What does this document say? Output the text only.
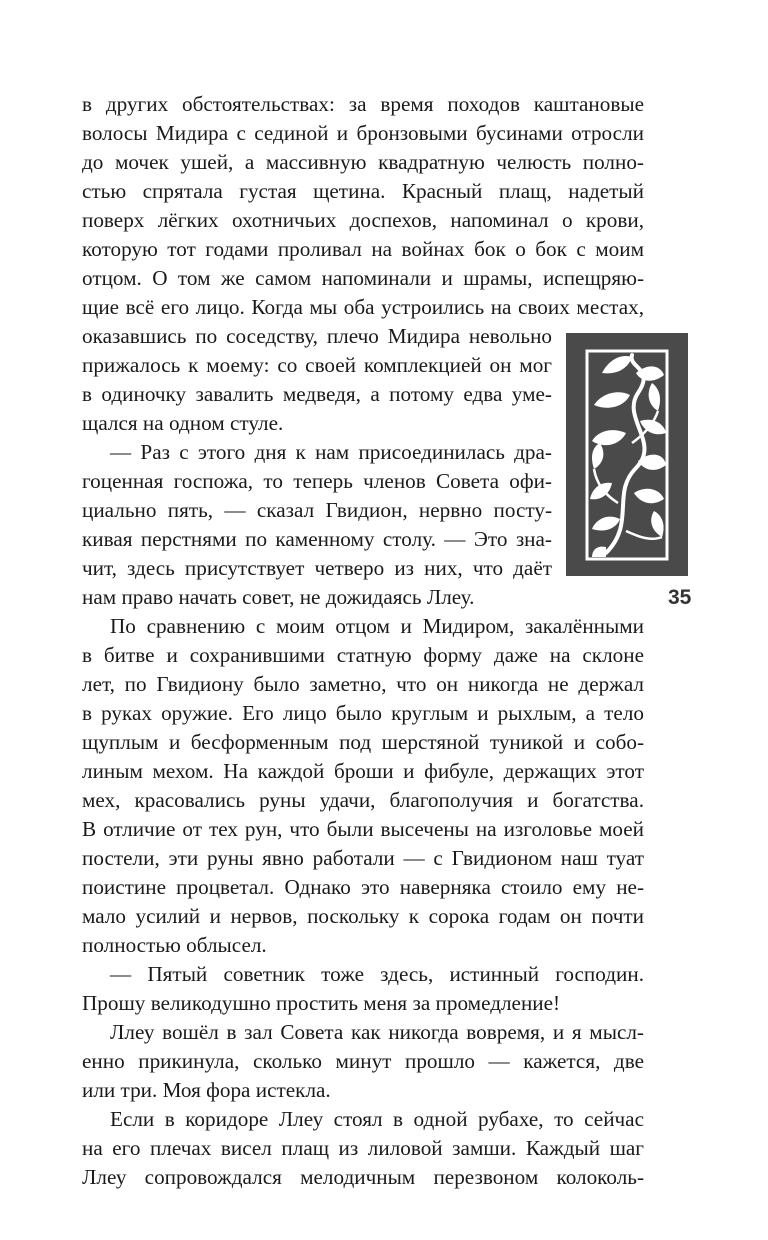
в других обстоятельствах: за время походов каштановые
волосы Мидира с сединой и бронзовыми бусинами отросли
до мочек ушей, а массивную квадратную челюсть полно-
стью спрятала густая щетина. Красный плащ, надетый
поверх лёгких охотничьих доспехов, напоминал о крови,
которую тот годами проливал на войнах бок о бок с моим
отцом. О том же самом напоминали и шрамы, испещряю-
щие всё его лицо. Когда мы оба устроились на своих местах,
оказавшись по соседству, плечо Мидира невольно
прижалось к моему: со своей комплекцией он мог
в одиночку завалить медведя, а потому едва уме-
щался на одном стуле.
— Раз с этого дня к нам присоединилась дра-
гоценная госпожа, то теперь членов Совета офи-
циально пять, — сказал Гвидион, нервно посту-
кивая перстнями по каменному столу. — Это зна-
чит, здесь присутствует четверо из них, что даёт
нам право начать совет, не дожидаясь Ллеу.
По сравнению с моим отцом и Мидиром, закалёнными
в битве и сохранившими статную форму даже на склоне
лет, по Гвидиону было заметно, что он никогда не держал
в руках оружие. Его лицо было круглым и рыхлым, а тело
щуплым и бесформенным под шерстяной туникой и собо-
линым мехом. На каждой броши и фибуле, держащих этот
мех, красовались руны удачи, благополучия и богатства.
В отличие от тех рун, что были высечены на изголовье моей
постели, эти руны явно работали — с Гвидионом наш туат
поистине процветал. Однако это наверняка стоило ему не-
мало усилий и нервов, поскольку к сорока годам он почти
полностью облысел.
— Пятый советник тоже здесь, истинный господин.
Прошу великодушно простить меня за промедление!
Ллеу вошёл в зал Совета как никогда вовремя, и я мысл-
енно прикинула, сколько минут прошло — кажется, две
или три. Моя фора истекла.
Если в коридоре Ллеу стоял в одной рубахе, то сейчас
на его плечах висел плащ из лиловой замши. Каждый шаг
Ллеу сопровождался мелодичным перезвоном колоколь-
35
